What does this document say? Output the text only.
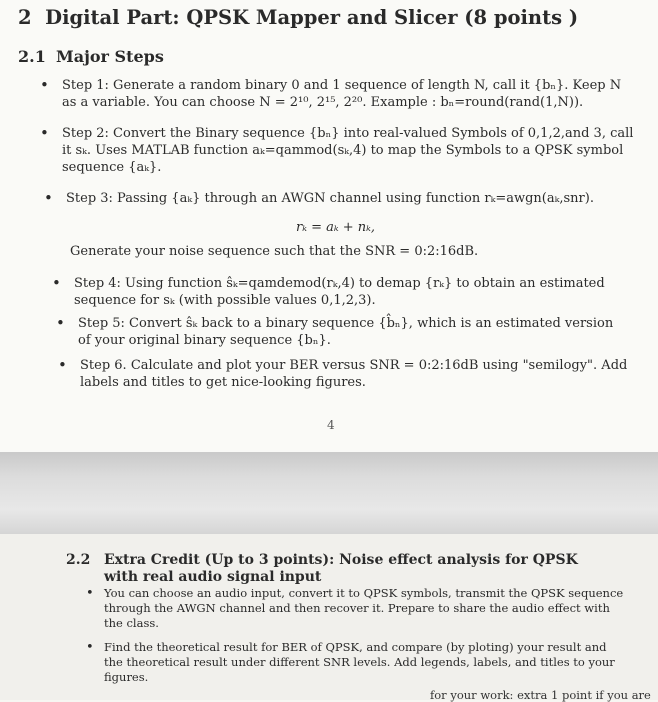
2 Digital Part: QPSK Mapper and Slicer (8 points )
2.1 Major Steps
• Step 1: Generate a random binary 0 and 1 sequence of length N, call it {bₙ}. Keep N as a variable. You can choose N = 2¹⁰, 2¹⁵, 2²⁰. Example : bₙ=round(rand(1,N)).
• Step 2: Convert the Binary sequence {bₙ} into real-valued Symbols of 0,1,2,and 3, call it sₖ. Uses MATLAB function aₖ=qammod(sₖ,4) to map the Symbols to a QPSK symbol sequence {aₖ}.
• Step 3: Passing {aₖ} through an AWGN channel using function rₖ=awgn(aₖ,snr).
rₖ = aₖ + nₖ,
Generate your noise sequence such that the SNR = 0:2:16dB.
• Step 4: Using function ŝₖ=qamdemod(rₖ,4) to demap {rₖ} to obtain an estimated sequence for sₖ (with possible values 0,1,2,3).
• Step 5: Convert ŝₖ back to a binary sequence {b̂ₙ}, which is an estimated version of your original binary sequence {bₙ}.
• Step 6. Calculate and plot your BER versus SNR = 0:2:16dB using "semilogy". Add labels and titles to get nice-looking figures.
4
2.2 Extra Credit (Up to 3 points): Noise effect analysis for QPSK with real audio signal input
• You can choose an audio input, convert it to QPSK symbols, transmit the QPSK sequence through the AWGN channel and then recover it. Prepare to share the audio effect with the class.
• Find the theoretical result for BER of QPSK, and compare (by ploting) your result and the theoretical result under different SNR levels. Add legends, labels, and titles to your figures.
for your work: extra 1 point if you are
